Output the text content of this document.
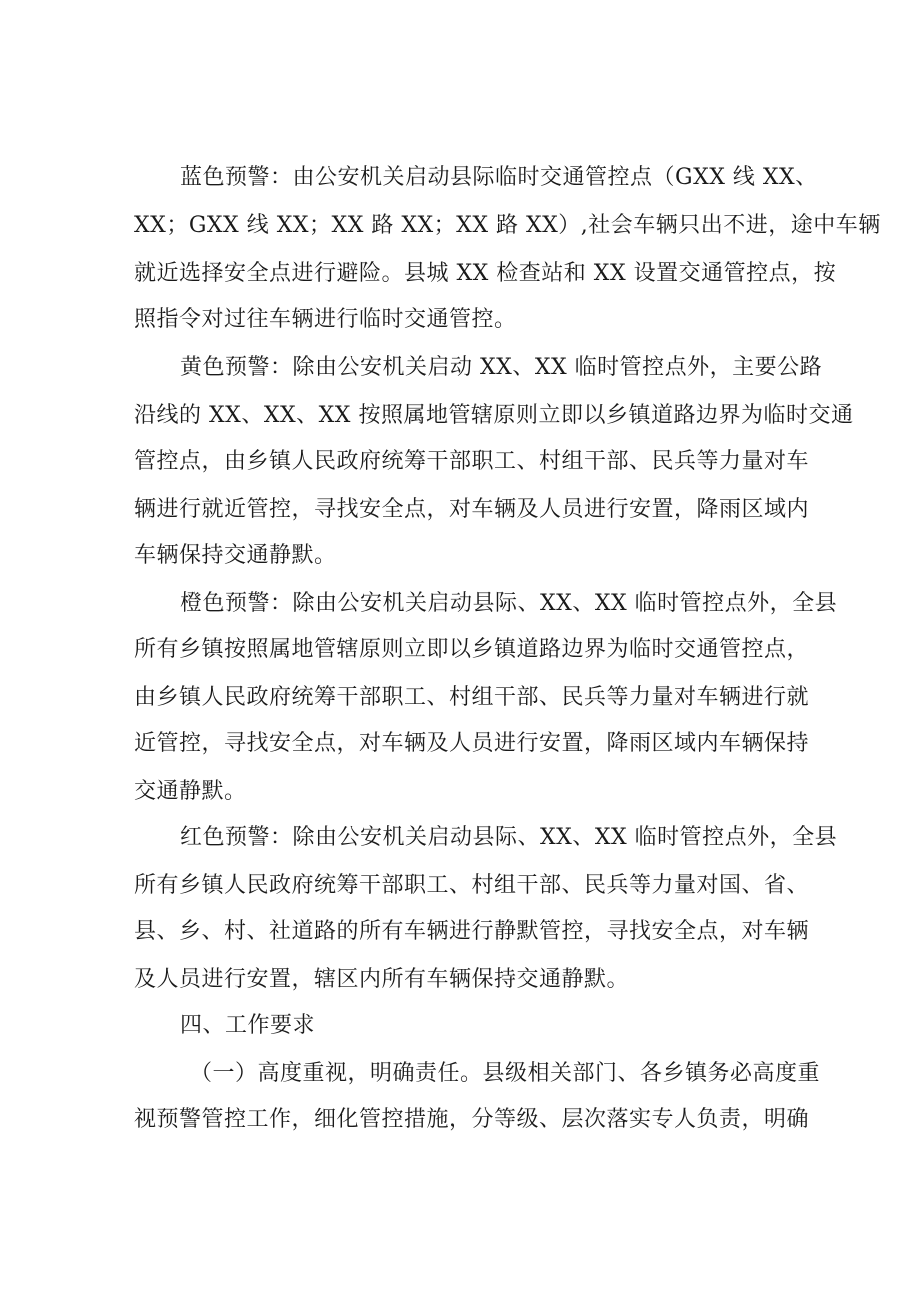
蓝色预警：由公安机关启动县际临时交通管控点（GXX 线 XX、
XX；GXX 线 XX；XX 路 XX；XX 路 XX）,社会车辆只出不进，途中车辆
就近选择安全点进行避险。县城 XX 检查站和 XX 设置交通管控点，按
照指令对过往车辆进行临时交通管控。
黄色预警：除由公安机关启动 XX、XX 临时管控点外，主要公路
沿线的 XX、XX、XX 按照属地管辖原则立即以乡镇道路边界为临时交通
管控点，由乡镇人民政府统筹干部职工、村组干部、民兵等力量对车
辆进行就近管控，寻找安全点，对车辆及人员进行安置，降雨区域内
车辆保持交通静默。
橙色预警：除由公安机关启动县际、XX、XX 临时管控点外，全县
所有乡镇按照属地管辖原则立即以乡镇道路边界为临时交通管控点，
由乡镇人民政府统筹干部职工、村组干部、民兵等力量对车辆进行就
近管控，寻找安全点，对车辆及人员进行安置，降雨区域内车辆保持
交通静默。
红色预警：除由公安机关启动县际、XX、XX 临时管控点外，全县
所有乡镇人民政府统筹干部职工、村组干部、民兵等力量对国、省、
县、乡、村、社道路的所有车辆进行静默管控，寻找安全点，对车辆
及人员进行安置，辖区内所有车辆保持交通静默。
四、工作要求
（一）高度重视，明确责任。县级相关部门、各乡镇务必高度重
视预警管控工作，细化管控措施，分等级、层次落实专人负责，明确
